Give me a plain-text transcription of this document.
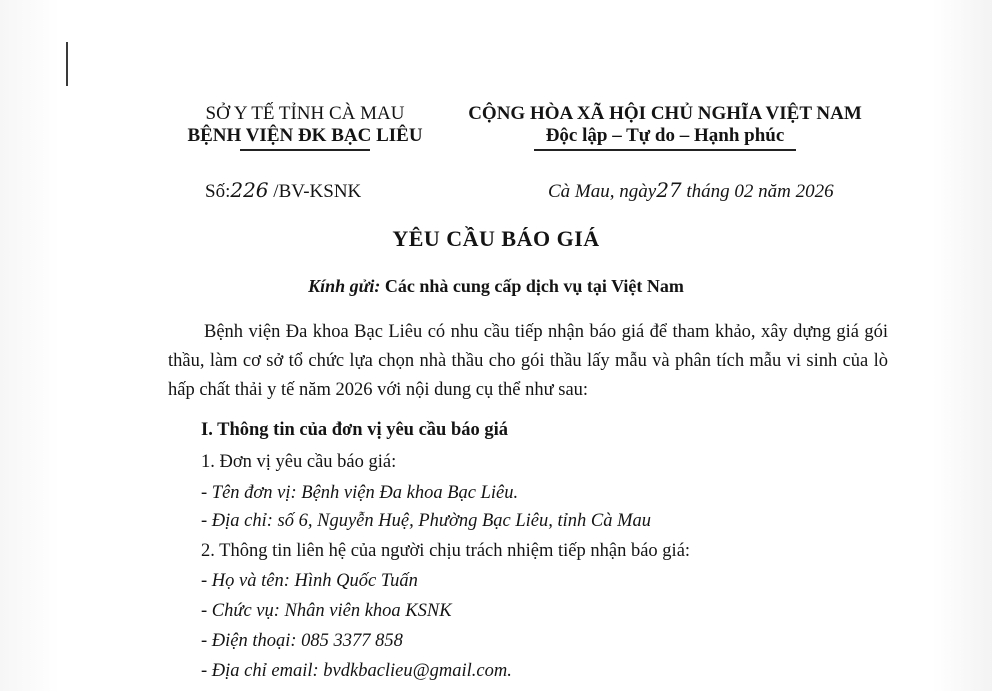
SỞ Y TẾ TỈNH CÀ MAU
BỆNH VIỆN ĐK BẠC LIÊU
CỘNG HÒA XÃ HỘI CHỦ NGHĨA VIỆT NAM
Độc lập – Tự do – Hạnh phúc
Số:226 /BV-KSNK	Cà Mau, ngày27 tháng 02 năm 2026
YÊU CẦU BÁO GIÁ
Kính gửi: Các nhà cung cấp dịch vụ tại Việt Nam
Bệnh viện Đa khoa Bạc Liêu có nhu cầu tiếp nhận báo giá để tham khảo, xây dựng giá gói thầu, làm cơ sở tổ chức lựa chọn nhà thầu cho gói thầu lấy mẫu và phân tích mẫu vi sinh của lò hấp chất thải y tế năm 2026 với nội dung cụ thể như sau:
I. Thông tin của đơn vị yêu cầu báo giá
1. Đơn vị yêu cầu báo giá:
- Tên đơn vị: Bệnh viện Đa khoa Bạc Liêu.
- Địa chỉ: số 6, Nguyễn Huệ, Phường Bạc Liêu, tỉnh Cà Mau
2. Thông tin liên hệ của người chịu trách nhiệm tiếp nhận báo giá:
- Họ và tên: Hình Quốc Tuấn
- Chức vụ: Nhân viên khoa KSNK
- Điện thoại: 085 3377 858
- Địa chỉ email: bvdkbaclieu@gmail.com.
